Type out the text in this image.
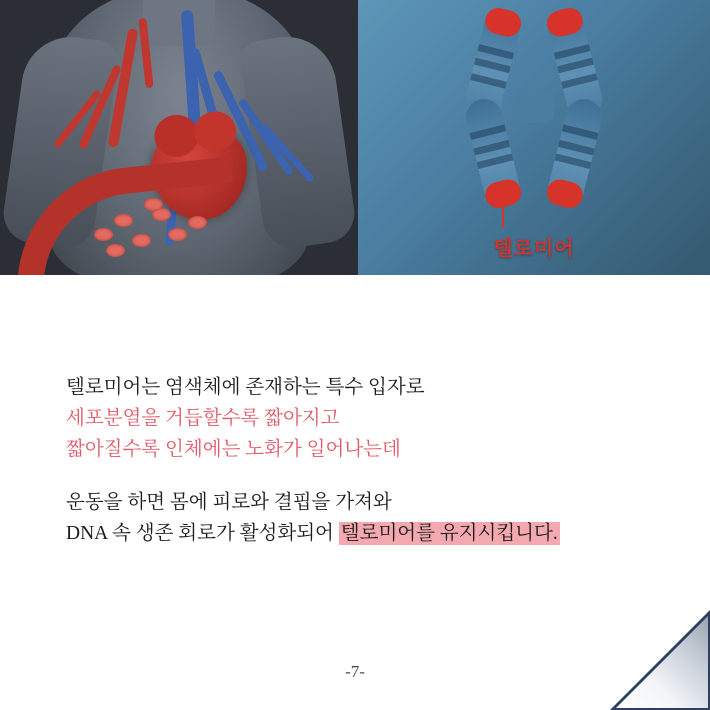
텔로미어

텔로미어는 염색체에 존재하는 특수 입자로
세포분열을 거듭할수록 짧아지고
짧아질수록 인체에는 노화가 일어나는데

운동을 하면 몸에 피로와 결핍을 가져와
DNA 속 생존 회로가 활성화되어 텔로미어를 유지시킵니다.

-7-
